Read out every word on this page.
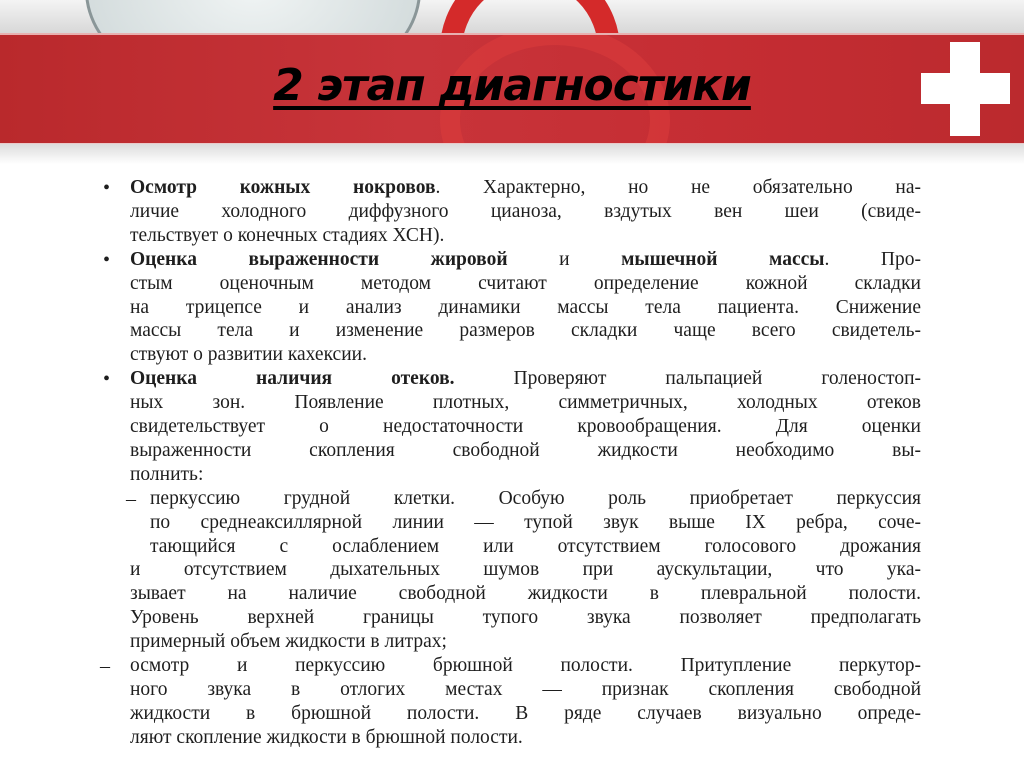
2 этап диагностики
• Осмотр кожных нокровов. Характерно, но не обязательно на-
личие холодного диффузного цианоза, вздутых вен шеи (свиде-
тельствует о конечных стадиях ХСН).
• Оценка выраженности жировой и мышечной массы. Про-
стым оценочным методом считают определение кожной складки
на трицепсе и анализ динамики массы тела пациента. Снижение
массы тела и изменение размеров складки чаще всего свидетель-
ствуют о развитии кахексии.
• Оценка наличия отеков. Проверяют пальпацией голеностоп-
ных зон. Появление плотных, симметричных, холодных отеков
свидетельствует о недостаточности кровообращения. Для оценки
выраженности скопления свободной жидкости необходимо вы-
полнить:
– перкуссию грудной клетки. Особую роль приобретает перкуссия
по среднеаксиллярной линии — тупой звук выше IX ребра, соче-
тающийся с ослаблением или отсутствием голосового дрожания
и отсутствием дыхательных шумов при аускультации, что ука-
зывает на наличие свободной жидкости в плевральной полости.
Уровень верхней границы тупого звука позволяет предполагать
примерный объем жидкости в литрах;
– осмотр и перкуссию брюшной полости. Притупление перкутор-
ного звука в отлогих местах — признак скопления свободной
жидкости в брюшной полости. В ряде случаев визуально опреде-
ляют скопление жидкости в брюшной полости.
